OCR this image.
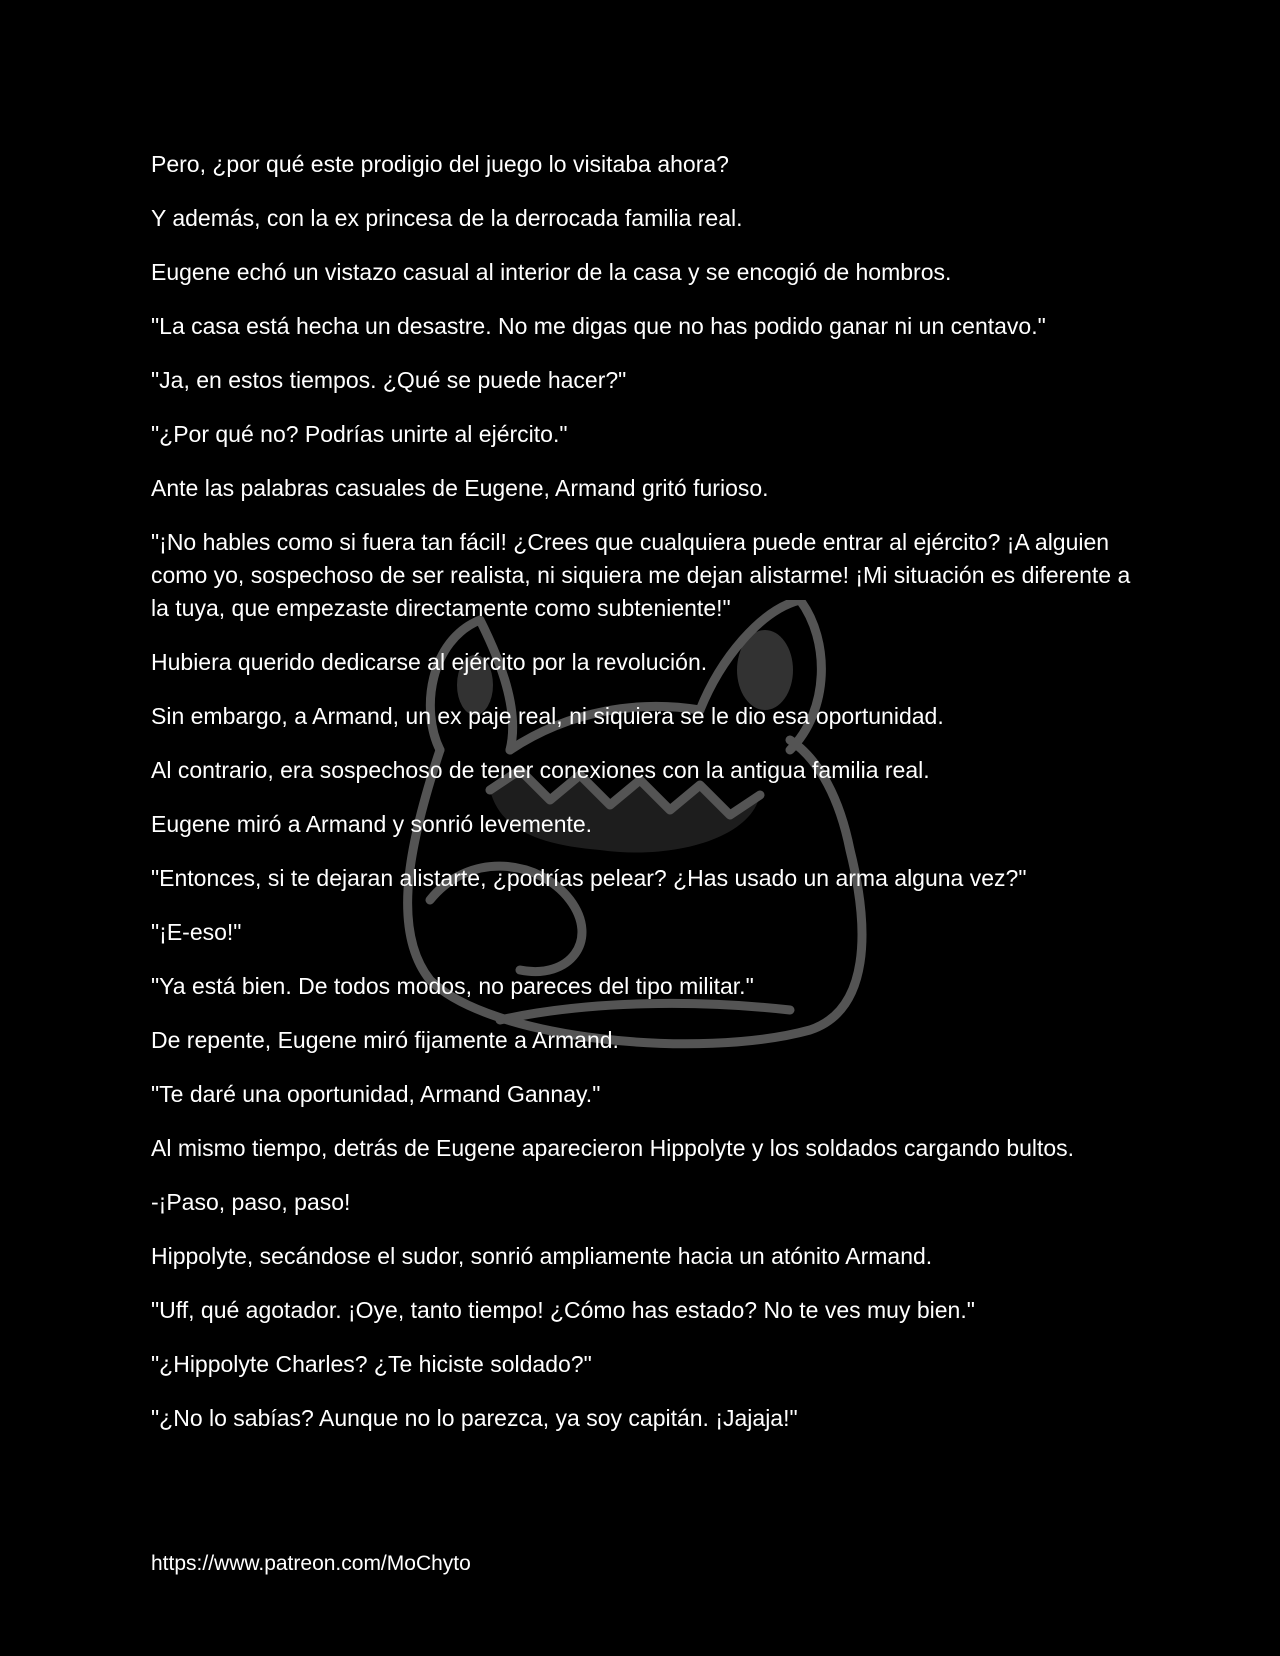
Pero, ¿por qué este prodigio del juego lo visitaba ahora?

Y además, con la ex princesa de la derrocada familia real.

Eugene echó un vistazo casual al interior de la casa y se encogió de hombros.

"La casa está hecha un desastre. No me digas que no has podido ganar ni un centavo."

"Ja, en estos tiempos. ¿Qué se puede hacer?"

"¿Por qué no? Podrías unirte al ejército."

Ante las palabras casuales de Eugene, Armand gritó furioso.

"¡No hables como si fuera tan fácil! ¿Crees que cualquiera puede entrar al ejército? ¡A alguien como yo, sospechoso de ser realista, ni siquiera me dejan alistarme! ¡Mi situación es diferente a la tuya, que empezaste directamente como subteniente!"

Hubiera querido dedicarse al ejército por la revolución.

Sin embargo, a Armand, un ex paje real, ni siquiera se le dio esa oportunidad.

Al contrario, era sospechoso de tener conexiones con la antigua familia real.

Eugene miró a Armand y sonrió levemente.

"Entonces, si te dejaran alistarte, ¿podrías pelear? ¿Has usado un arma alguna vez?"

"¡E-eso!"

"Ya está bien. De todos modos, no pareces del tipo militar."

De repente, Eugene miró fijamente a Armand.

"Te daré una oportunidad, Armand Gannay."

Al mismo tiempo, detrás de Eugene aparecieron Hippolyte y los soldados cargando bultos.

-¡Paso, paso, paso!

Hippolyte, secándose el sudor, sonrió ampliamente hacia un atónito Armand.

"Uff, qué agotador. ¡Oye, tanto tiempo! ¿Cómo has estado? No te ves muy bien."

"¿Hippolyte Charles? ¿Te hiciste soldado?"

"¿No lo sabías? Aunque no lo parezca, ya soy capitán. ¡Jajaja!"

https://www.patreon.com/MoChyto
